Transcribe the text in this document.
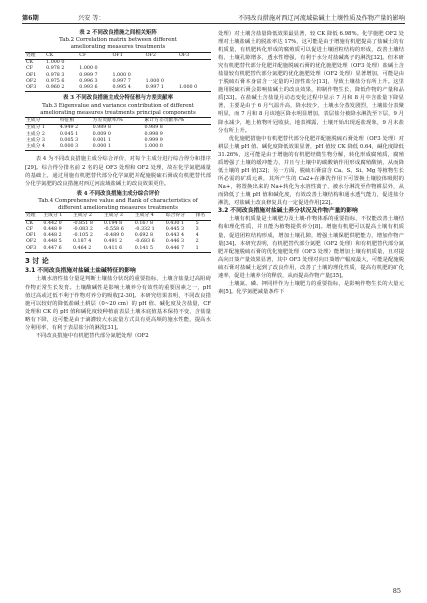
第6期	兴安 等：	不同改良措施对西辽河流域盐碱土土壤性质及作物产量的影响

表 2 不同改良措施之间相关矩阵

Tab.2 Correlation matrix between different

ameliorating measures treatments

处理	CK	CF	OF1	OF2	OF3
CK	1.000 0				
CF	0.978 2	1.000 0			
OF1	0.978 3	0.999 7	1.000 0		
OF2	0.975 6	0.996 3	0.997 7	1.000 0	
OF3	0.960 2	0.993 6	0.995 4	0.997 1	1.000 0

表 3 不同改良措施主成分特征根与方差贡献率

Tab.3 Eigenvalue and variance contribution of different

ameliorating measures treatments principal components

主成分	特征根	方差贡献率/%	累计方差贡献率/%
主成分 1	4.949 2	0.989 8	0.989 8
主成分 2	0.045 1	0.009 0	0.998 9
主成分 3	0.005 3	0.001 1	0.999 9
主成分 4	0.000 3	0.000 1	1.000 0

表 4 为不同改良措施主成分综合评价，对每个主成分进行综合得分和排序[29]。综合得分排名前 2 名的是 OF3 处理和 OF2 处理，故在化学氮肥减量的基础上，通过用施有机肥替代部分化学氮肥并配施脱硫石膏或有机肥替代部分化学氮肥的改良措施对西辽河流域盐碱土的改良效果更佳。

表 4 不同改良措施主成分综合评价

Tab.4 Comprehensive value and Rank of characteristics of

different ameliorating measures treatments

处理	主成分 1	主成分 2	主成分 3	主成分 4	综合得分	排名
CK	0.442 0	-0.851 8	0.194 8	0.167 8	0.430 1	5
CF	0.448 9	-0.083 2	-0.558 6	-0.332 1	0.445 3	3
OF1	0.448 2	-0.105 2	-0.489 0	0.692 8	0.443 4	4
OF2	0.448 5	0.187 4	0.491 2	-0.683 6	0.446 3	2
OF3	0.447 6	0.464 2	0.411 6	0.141 5	0.446 7	1
3 讨 论
3.1 不同改良措施对盐碱土盐碱特征的影响

土壤水溶性盐分量是判断土壤盐分状况的重要指标，土壤含盐量过高阻碍作物正常生长发育。土壤酸碱性是影响土壤养分有效性的重要因素之一，pH 值过高或过低不利于作物对养分的吸收[2-30]。本研究结果表明，不同改良措施可以较好的降低盐碱土耕层（0~20 cm）的 pH 值、碱化度及含盐量，CF 处理和 CK 的 pH 值和碱化度较种植前表层土壤本底值基本保持不变，含盐量略有下降，这可能是由于滴灌较大水流量方式具有更高频的施水性能，提高水分利用率，有利于表层盐分的淋洗[31]。

不同改良措施中有机肥替代部分氮肥处理（OF2

处理）对土壤含盐量降低效果最显著，较 CK 降低 6.98%。化学施肥 OF2 处理对土壤盐碱土的脱盐率达 17%，这可能是由于增施有机肥提高了盐碱土的有机质量，有机肥转化形成的腐殖质可以促进土壤团粒结构的形成，改善土壤结构，土壤孔隙增多，透水性增强，有利于水分对盐碱离子的淋洗[32]。但本研究有机肥替代部分化肥并配施脱硫石膏的优化施肥处理（OF3 处理）盐碱土含盐量较有机肥替代部分氮肥的优化施肥处理（OF2 处理）显著增加，可能是由于脱硫石膏本身富含一定量的可溶性盐分[13]，导致土壤盐分有所上升。这里施用脱硫石膏会影响盐碱土的改良效果，抑制作物生长，降低作物的产量和品质[33]。在盐碱土含盐量月动态变化过程中显示 7 月和 8 月中含盐量下降显著，主要是由于 6 月气温升高，降水较少，土壤水分蒸发剧烈，土壤盐分表聚明显，而 7 月和 8 月该地区降水明显增加，表层盐分被降水淋洗至下层，9 月降水减少，地上植物叶冠收获，地表裸露，土壤开始出现返盐现象，9 月末盐分有所上升。

优化施肥措施中有机肥替代部分化肥并配施脱硫石膏处理（OF3 处理）对耕层土壤 pH 值、碱化度降低效果显著，pH 值较 CK 降低 0.64，碱化度降低 31.26%，这可能是由于增施的有机肥经微生物分解，转化形成腐殖质，腐殖质增强了土壤的缓冲能力，并且与土壤中的碳酸钠作用形成腐殖酸钠，从而降低土壤的 pH 值[32]；另一方面，脱硫石膏富含 Ca、S、Si、Mg 等植物生长所必需的矿质元素，其所产生的 Ca2+在淋洗作用下可置换土壤胶体吸附的 Na+，将置换出来的 Na+转化为水溶性离子，被水分淋洗至作物耕层外，从而降低了土壤 pH 值和碱化度，有效改善土壤结构和通水透气能力，促进盐分淋洗，对盐碱土改良修复具有一定促进作用[22]。

3.2 不同改良措施对盐碱土养分状况及作物产量的影响

土壤有机质量是土壤肥力及土壤-作物体系的重要指标，不仅能改善土壤结构和理化性质，并且能为植物提供养分[8]。增施有机肥可以提高土壤有机质量，促进团粒结构形成，增加土壤孔隙，增强土壤保肥供肥能力，增加作物产量[34]。本研究表明，有机肥替代部分氮肥（OF2 处理）和有机肥替代部分氮肥并配施脱硫石膏的优化施肥处理（OF3 处理）能增加土壤有机质量，且对提高向日葵产量效果显著，其中 OF3 处理对向日葵增产幅度最大，可能是配施脱硫石膏对盐碱土起到了改良作用，改善了土壤的理化性质，提高有机肥的矿化速率，促进土壤养分的释放，从而提高作物产量[35]。

土壤氮、磷、钾同样作为土壤肥力的重要指标，是影响作物生长的大量元素[5]。化学氮肥减量条件下

85
